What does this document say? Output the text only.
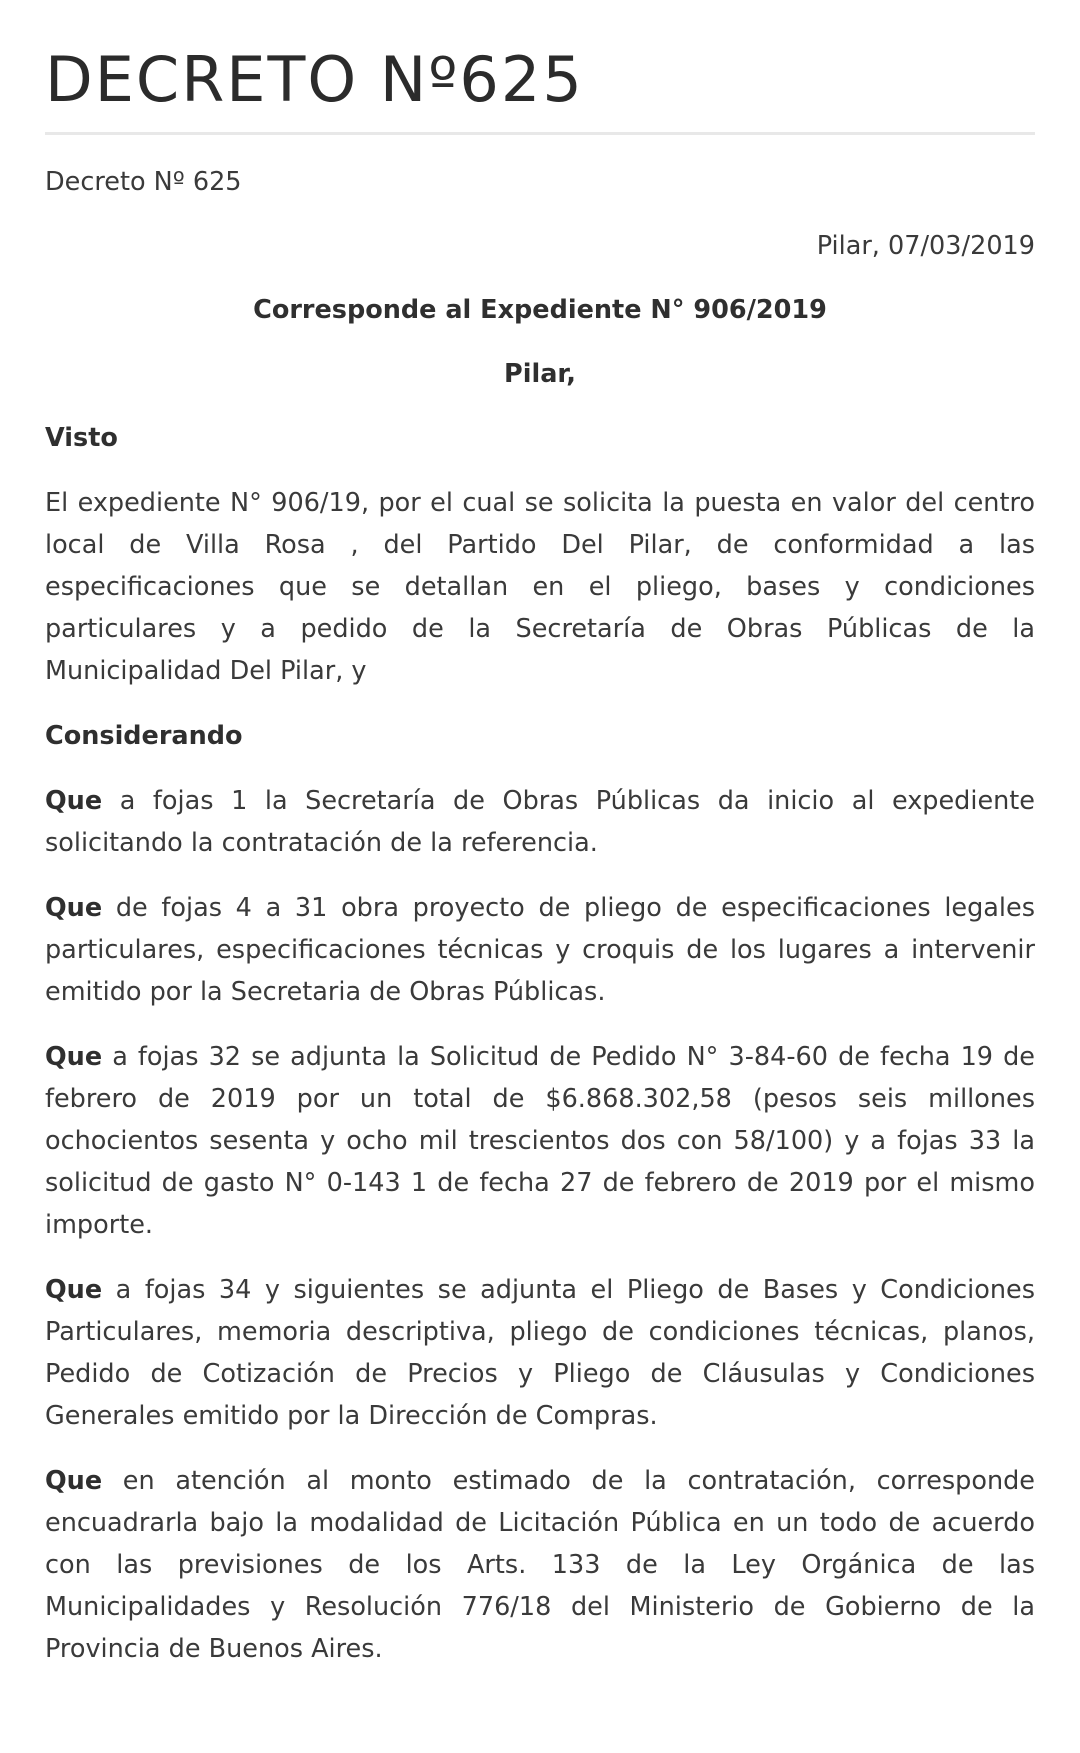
DECRETO Nº625

Decreto Nº 625

Pilar, 07/03/2019

Corresponde al Expediente N° 906/2019

Pilar,

Visto

El expediente N° 906/19, por el cual se solicita la puesta en valor del centro local de Villa Rosa , del Partido Del Pilar, de conformidad a las especificaciones que se detallan en el pliego, bases y condiciones particulares y a pedido de la Secretaría de Obras Públicas de la Municipalidad Del Pilar, y

Considerando

Que a fojas 1 la Secretaría de Obras Públicas da inicio al expediente solicitando la contratación de la referencia.

Que de fojas 4 a 31 obra proyecto de pliego de especificaciones legales particulares, especificaciones técnicas y croquis de los lugares a intervenir emitido por la Secretaria de Obras Públicas.

Que a fojas 32 se adjunta la Solicitud de Pedido N° 3-84-60 de fecha 19 de febrero de 2019 por un total de $6.868.302,58 (pesos seis millones ochocientos sesenta y ocho mil trescientos dos con 58/100) y a fojas 33 la solicitud de gasto N° 0-143 1 de fecha 27 de febrero de 2019 por el mismo importe.

Que a fojas 34 y siguientes se adjunta el Pliego de Bases y Condiciones Particulares, memoria descriptiva, pliego de condiciones técnicas, planos, Pedido de Cotización de Precios y Pliego de Cláusulas y Condiciones Generales emitido por la Dirección de Compras.

Que en atención al monto estimado de la contratación, corresponde encuadrarla bajo la modalidad de Licitación Pública en un todo de acuerdo con las previsiones de los Arts. 133 de la Ley Orgánica de las Municipalidades y Resolución 776/18 del Ministerio de Gobierno de la Provincia de Buenos Aires.
